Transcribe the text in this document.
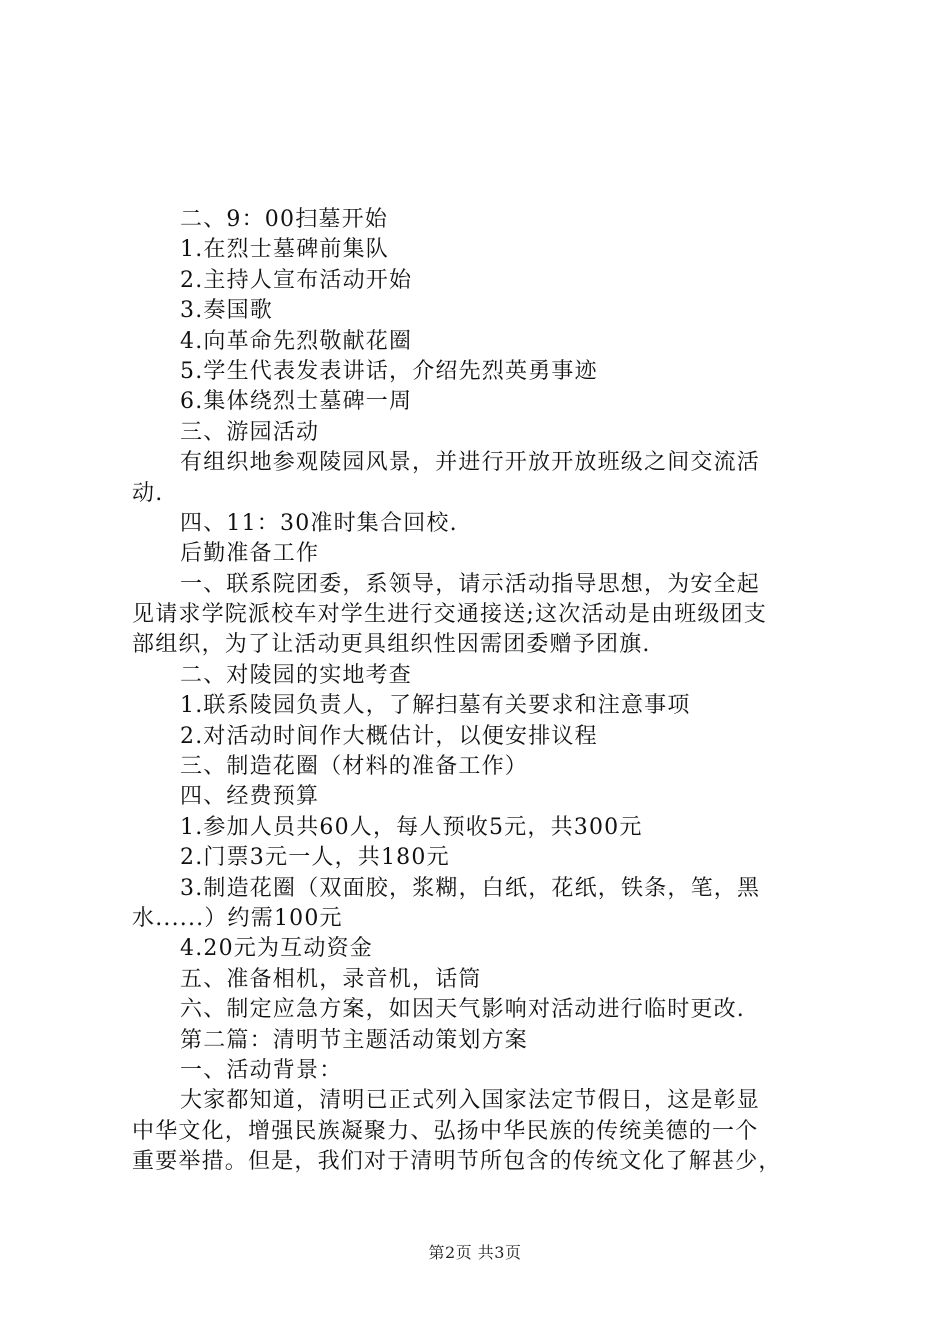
二、9：00扫墓开始
1.在烈士墓碑前集队
2.主持人宣布活动开始
3.奏国歌
4.向革命先烈敬献花圈
5.学生代表发表讲话，介绍先烈英勇事迹
6.集体绕烈士墓碑一周
三、游园活动
有组织地参观陵园风景，并进行开放开放班级之间交流活
动.
四、11：30准时集合回校.
后勤准备工作
一、联系院团委，系领导，请示活动指导思想，为安全起
见请求学院派校车对学生进行交通接送;这次活动是由班级团支
部组织，为了让活动更具组织性因需团委赠予团旗.
二、对陵园的实地考查
1.联系陵园负责人，了解扫墓有关要求和注意事项
2.对活动时间作大概估计，以便安排议程
三、制造花圈（材料的准备工作）
四、经费预算
1.参加人员共60人，每人预收5元，共300元
2.门票3元一人，共180元
3.制造花圈（双面胶，浆糊，白纸，花纸，铁条，笔，黑
水......）约需100元
4.20元为互动资金
五、准备相机，录音机，话筒
六、制定应急方案，如因天气影响对活动进行临时更改.
第二篇：清明节主题活动策划方案
一、活动背景：
大家都知道，清明已正式列入国家法定节假日，这是彰显
中华文化，增强民族凝聚力、弘扬中华民族的传统美德的一个
重要举措。但是，我们对于清明节所包含的传统文化了解甚少，
第2页 共3页
